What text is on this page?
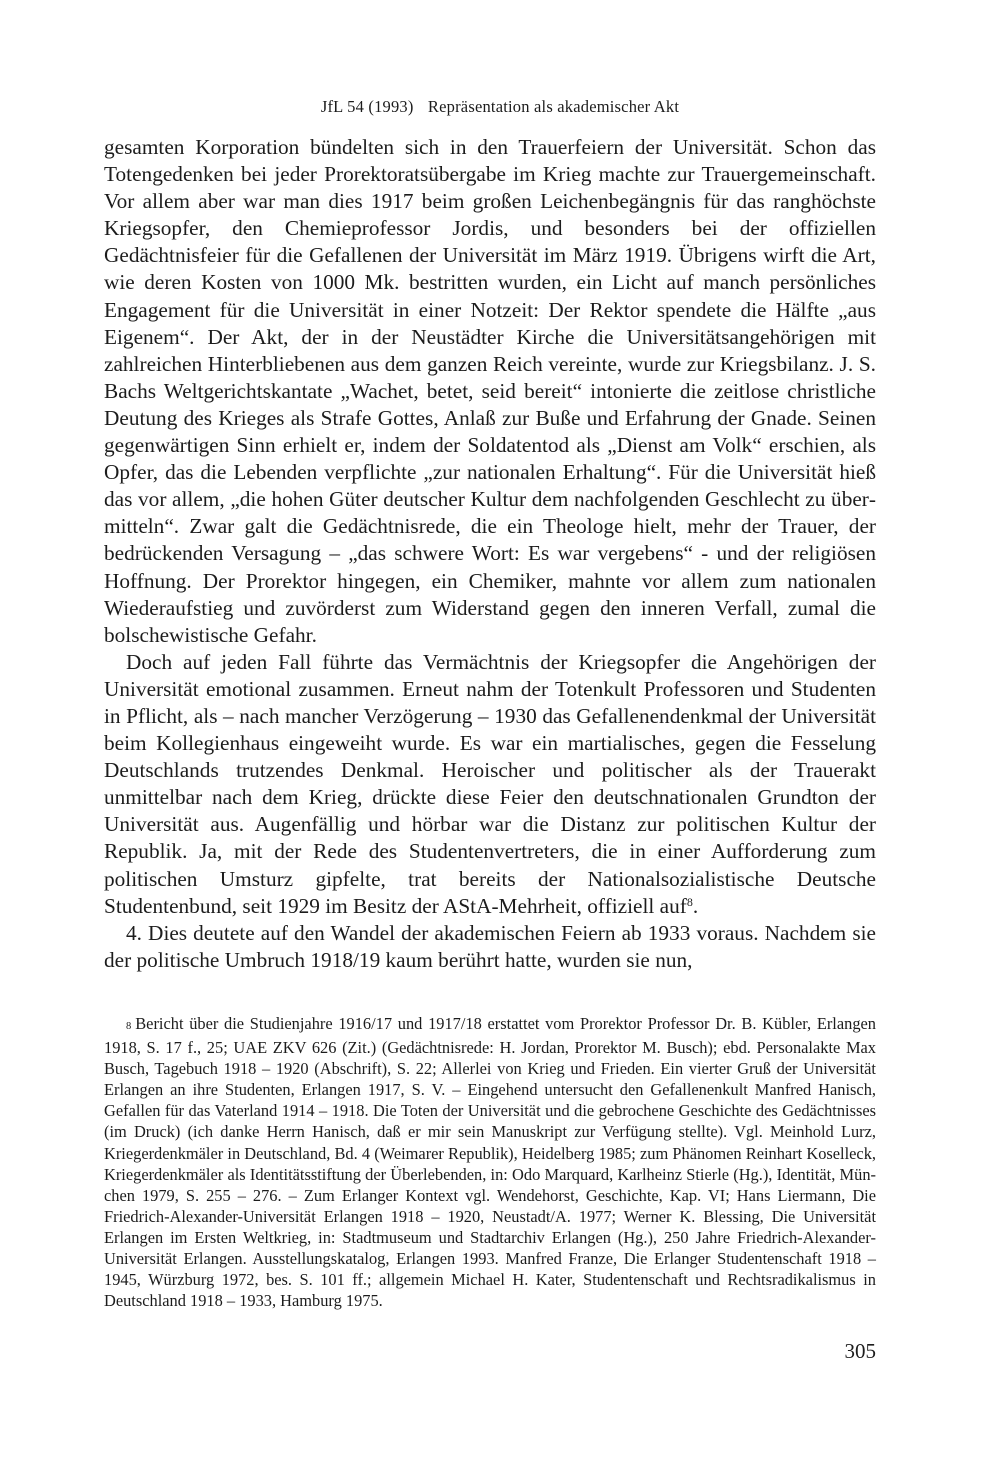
JfL 54 (1993) Repräsentation als akademischer Akt

gesamten Korporation bündelten sich in den Trauerfeiern der Universität. Schon das Totengedenken bei jeder Prorektoratsübergabe im Krieg machte zur Trauergemeinschaft. Vor allem aber war man dies 1917 beim großen Leichenbegängnis für das ranghöchste Kriegsopfer, den Chemieprofessor Jordis, und besonders bei der offiziellen Gedächtnisfeier für die Gefallenen der Universität im März 1919. Übrigens wirft die Art, wie deren Kosten von 1000 Mk. bestritten wurden, ein Licht auf manch persönliches Engagement für die Universität in einer Notzeit: Der Rektor spendete die Hälfte „aus Eigenem“. Der Akt, der in der Neustädter Kirche die Universitätsangehörigen mit zahlreichen Hinterbliebenen aus dem ganzen Reich vereinte, wurde zur Kriegsbilanz. J. S. Bachs Weltgerichtskantate „Wachet, betet, seid bereit“ intonierte die zeitlose christliche Deutung des Krieges als Strafe Gottes, Anlaß zur Buße und Erfahrung der Gnade. Seinen gegenwärtigen Sinn erhielt er, indem der Soldatentod als „Dienst am Volk“ erschien, als Opfer, das die Lebenden verpflichte „zur nationalen Erhaltung“. Für die Universität hieß das vor allem, „die hohen Güter deutscher Kultur dem nachfolgenden Geschlecht zu übermitteln“. Zwar galt die Gedächtnisrede, die ein Theologe hielt, mehr der Trauer, der bedrückenden Versagung – „das schwere Wort: Es war vergebens“ - und der religiösen Hoffnung. Der Prorektor hingegen, ein Chemiker, mahnte vor allem zum nationalen Wiederaufstieg und zuvörderst zum Widerstand gegen den inneren Verfall, zumal die bolschewistische Gefahr.

Doch auf jeden Fall führte das Vermächtnis der Kriegsopfer die Angehörigen der Universität emotional zusammen. Erneut nahm der Totenkult Professoren und Studenten in Pflicht, als – nach mancher Verzögerung – 1930 das Gefallenendenkmal der Universität beim Kollegienhaus eingeweiht wurde. Es war ein martialisches, gegen die Fesselung Deutschlands trutzendes Denkmal. Heroischer und politischer als der Trauerakt unmittelbar nach dem Krieg, drückte diese Feier den deutschnationalen Grundton der Universität aus. Augenfällig und hörbar war die Distanz zur politischen Kultur der Republik. Ja, mit der Rede des Studentenvertreters, die in einer Aufforderung zum politischen Umsturz gipfelte, trat bereits der Nationalsozialistische Deutsche Studentenbund, seit 1929 im Besitz der AStA-Mehrheit, offiziell auf$^8$.

4. Dies deutete auf den Wandel der akademischen Feiern ab 1933 voraus. Nachdem sie der politische Umbruch 1918/19 kaum berührt hatte, wurden sie nun,

8 Bericht über die Studienjahre 1916/17 und 1917/18 erstattet vom Prorektor Professor Dr. B. Kübler, Erlangen 1918, S. 17 f., 25; UAE ZKV 626 (Zit.) (Gedächtnisrede: H. Jordan, Prorektor M. Busch); ebd. Personalakte Max Busch, Tagebuch 1918 – 1920 (Abschrift), S. 22; Allerlei von Krieg und Frieden. Ein vierter Gruß der Universität Erlangen an ihre Studenten, Erlangen 1917, S. V. – Eingehend untersucht den Gefallenenkult Manfred Hanisch, Gefallen für das Vaterland 1914 – 1918. Die Toten der Universität und die gebrochene Geschichte des Gedächtnisses (im Druck) (ich danke Herrn Hanisch, daß er mir sein Manuskript zur Verfügung stellte). Vgl. Meinhold Lurz, Kriegerdenkmäler in Deutschland, Bd. 4 (Weimarer Republik), Heidelberg 1985; zum Phänomen Reinhart Koselleck, Kriegerdenkmäler als Identitätsstiftung der Überlebenden, in: Odo Marquard, Karlheinz Stierle (Hg.), Identität, München 1979, S. 255 – 276. – Zum Erlanger Kontext vgl. Wendehorst, Geschichte, Kap. VI; Hans Liermann, Die Friedrich-Alexander-Universität Erlangen 1918 – 1920, Neustadt/A. 1977; Werner K. Blessing, Die Universität Erlangen im Ersten Weltkrieg, in: Stadtmuseum und Stadtarchiv Erlangen (Hg.), 250 Jahre Friedrich-Alexander-Universität Erlangen. Ausstellungskatalog, Erlangen 1993. Manfred Franze, Die Erlanger Studentenschaft 1918 – 1945, Würzburg 1972, bes. S. 101 ff.; allgemein Michael H. Kater, Studentenschaft und Rechtsradikalismus in Deutschland 1918 – 1933, Hamburg 1975.

305
